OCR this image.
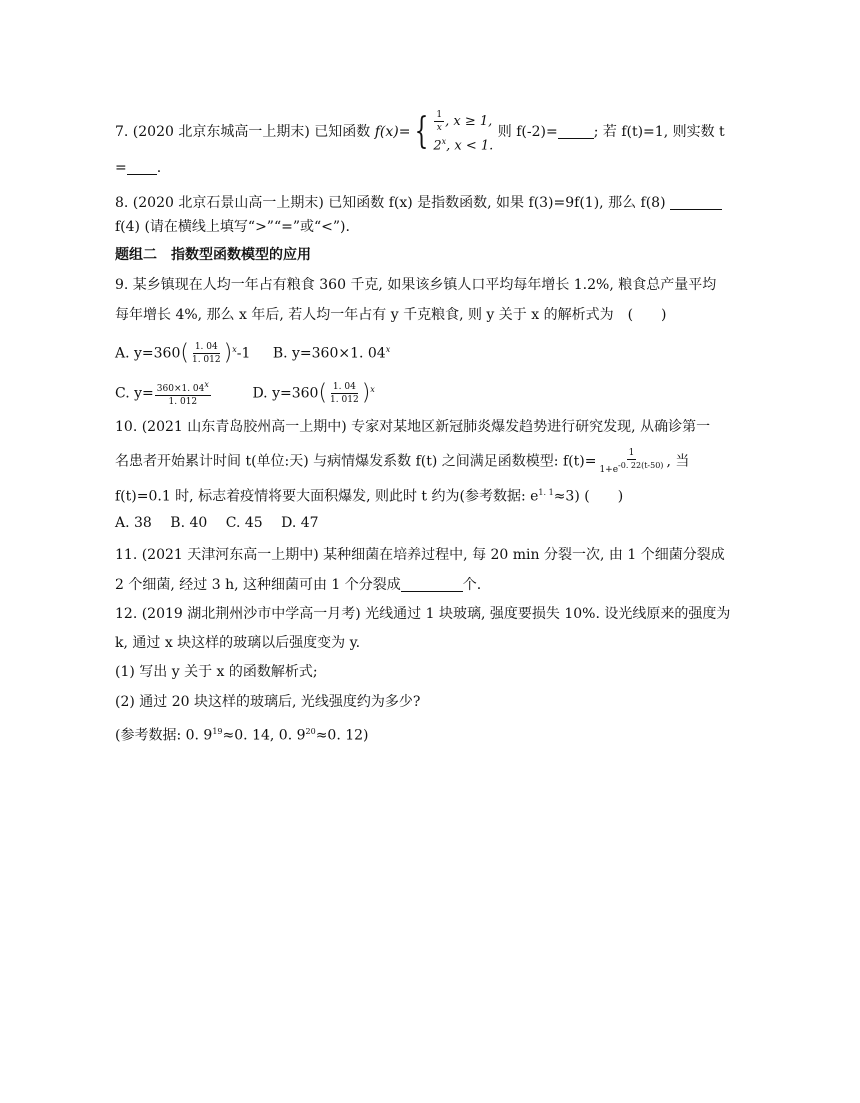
7. (2020 北京东城高一上期末) 已知函数 f(x)= { $\frac{1}{x}$ , x ≥ 1,
2$^x$, x < 1.
则 f(-2)=	; 若 f(t)=1, 则实数 t
= .
8. (2020 北京石景山高一上期末) 已知函数 f(x) 是指数函数, 如果 f(3)=9f(1), 那么 f(8)
f(4) (请在横线上填写“>”“=”或“<”).
题组二　指数型函数模型的应用
9. 某乡镇现在人均一年占有粮食 360 千克, 如果该乡镇人口平均每年增长 1.2%, 粮食总产量平均
每年增长 4%, 那么 x 年后, 若人均一年占有 y 千克粮食, 则 y 关于 x 的解析式为　(　　)
A. $y=360( \frac{1. 04}{1. 012} )^x-1$ B. y=360×1. 04$^x$
C. $y= \frac{360\times 1. 04^x}{1. 012}$	D. $y=360( \frac{1. 04}{1. 012} )^x$
10. (2021 山东青岛胶州高一上期中) 专家对某地区新冠肺炎爆发趋势进行研究发现, 从确诊第一
名患者开始累计时间 t(单位:天) 与病情爆发系数 f(t) 之间满足函数模型: $f(t)= \frac{1}{1+e^{-0. 22(t-50)}}$ , 当
f(t)=0.1 时, 标志着疫情将要大面积爆发, 则此时 t 约为(参考数据: $e^{1. 1}\approx 3$) (　　)
A. 38 B. 40 C. 45 D. 47
11. (2021 天津河东高一上期中) 某种细菌在培养过程中, 每 20 min 分裂一次, 由 1 个细菌分裂成
2 个细菌, 经过 3 h, 这种细菌可由 1 个分裂成	个.
12. (2019 湖北荆州沙市中学高一月考) 光线通过 1 块玻璃, 强度要损失 10%. 设光线原来的强度为
k, 通过 x 块这样的玻璃以后强度变为 y.
(1) 写出 y 关于 x 的函数解析式;
(2) 通过 20 块这样的玻璃后, 光线强度约为多少?
(参考数据: 0. $9^{19}\approx 0$. 14, 0. $9^{20}\approx 0$. 12)
